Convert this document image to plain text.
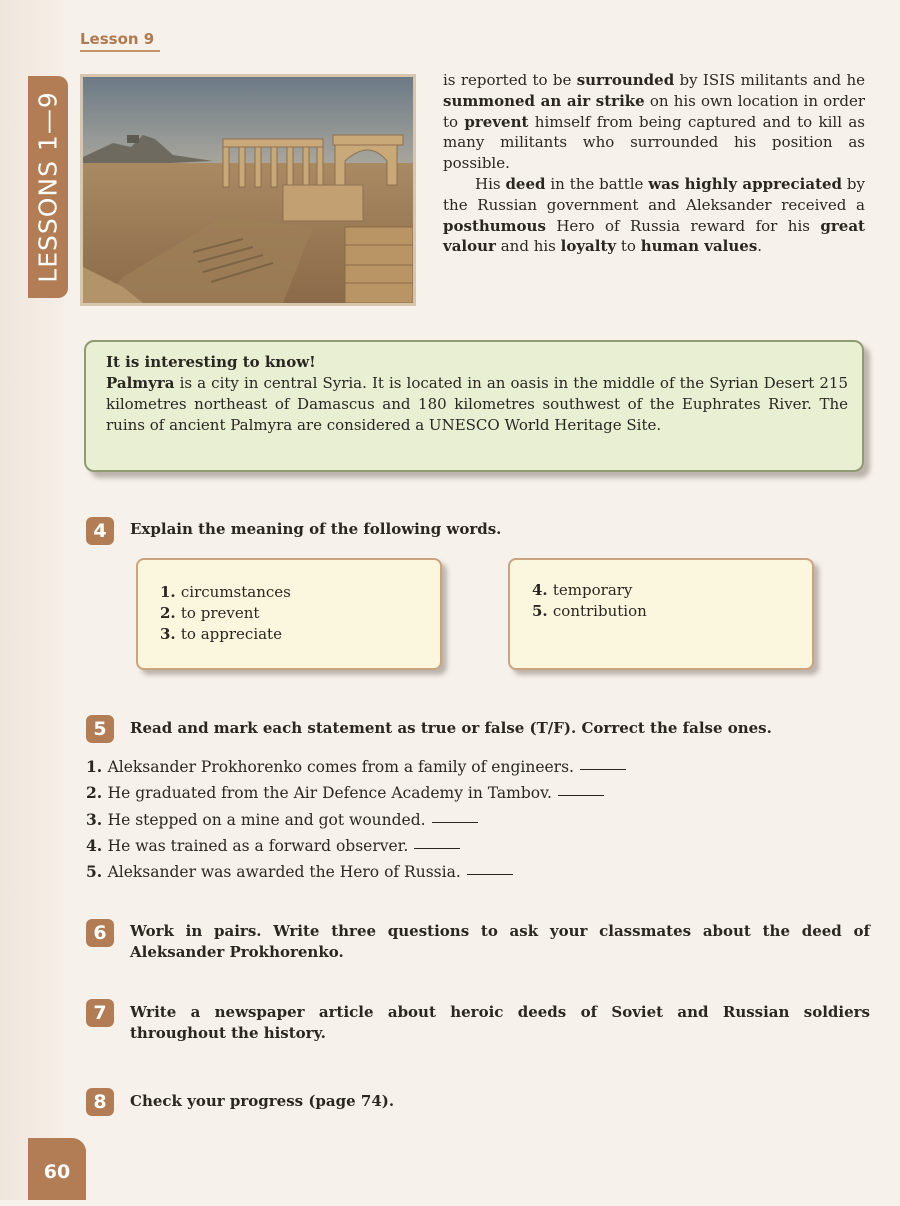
LESSONS 1—9
Lesson 9

is reported to be surrounded by ISIS militants and he summoned an air strike on his own location in order to prevent himself from being captured and to kill as many militants who surrounded his position as possible.

His deed in the battle was highly appreciated by the Russian government and Aleksander received a posthumous Hero of Russia reward for his great valour and his loyalty to human values.

It is interesting to know!

Palmyra is a city in central Syria. It is located in an oasis in the middle of the Syrian Desert 215 kilometres northeast of Damascus and 180 kilometres southwest of the Euphrates River. The ruins of ancient Palmyra are considered a UNESCO World Heritage Site.

4	Explain the meaning of the following words.
1. circumstances
2. to prevent
3. to appreciate
4. temporary
5. contribution
5	Read and mark each statement as true or false (T/F). Correct the false ones.
1. Aleksander Prokhorenko comes from a family of engineers.
2. He graduated from the Air Defence Academy in Tambov.
3. He stepped on a mine and got wounded.
4. He was trained as a forward observer.
5. Aleksander was awarded the Hero of Russia.
6	Work in pairs. Write three questions to ask your classmates about the deed of Aleksander Prokhorenko.
7	Write a newspaper article about heroic deeds of Soviet and Russian soldiers throughout the history.
8	Check your progress (page 74).
60
